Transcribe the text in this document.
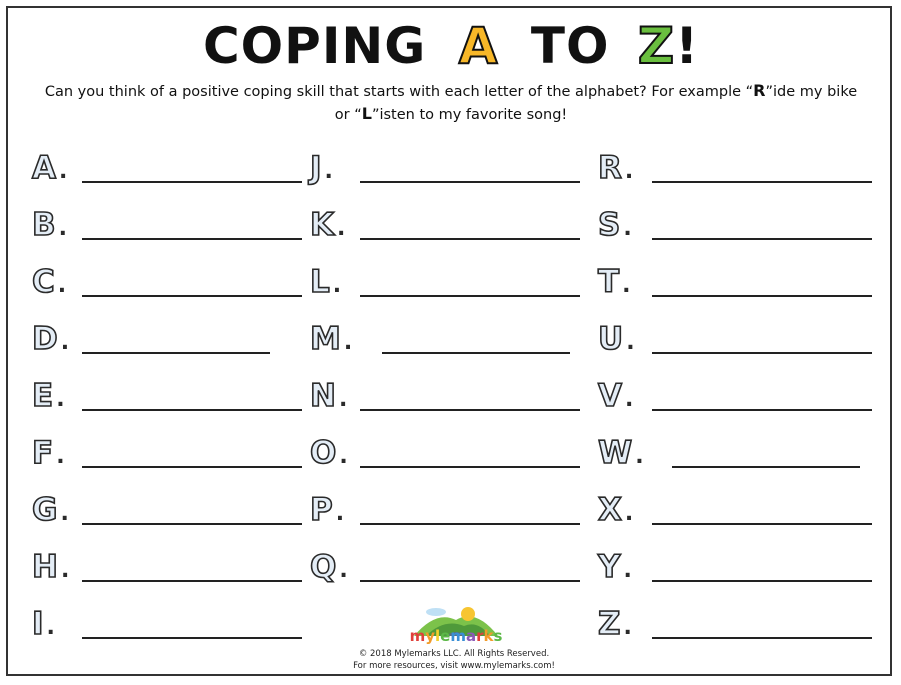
COPING A TO Z!
Can you think of a positive coping skill that starts with each letter of the alphabet? For example “R”ide my bike
or “L”isten to my favorite song!
A .
B .
C .
D .
E .
F .
G .
H .
I .
J .
K .
L .
M .
N .
O .
P .
Q .
R .
S .
T .
U .
V .
W .
X .
Y .
Z .
mylemarks
© 2018 Mylemarks LLC. All Rights Reserved.
For more resources, visit www.mylemarks.com!
